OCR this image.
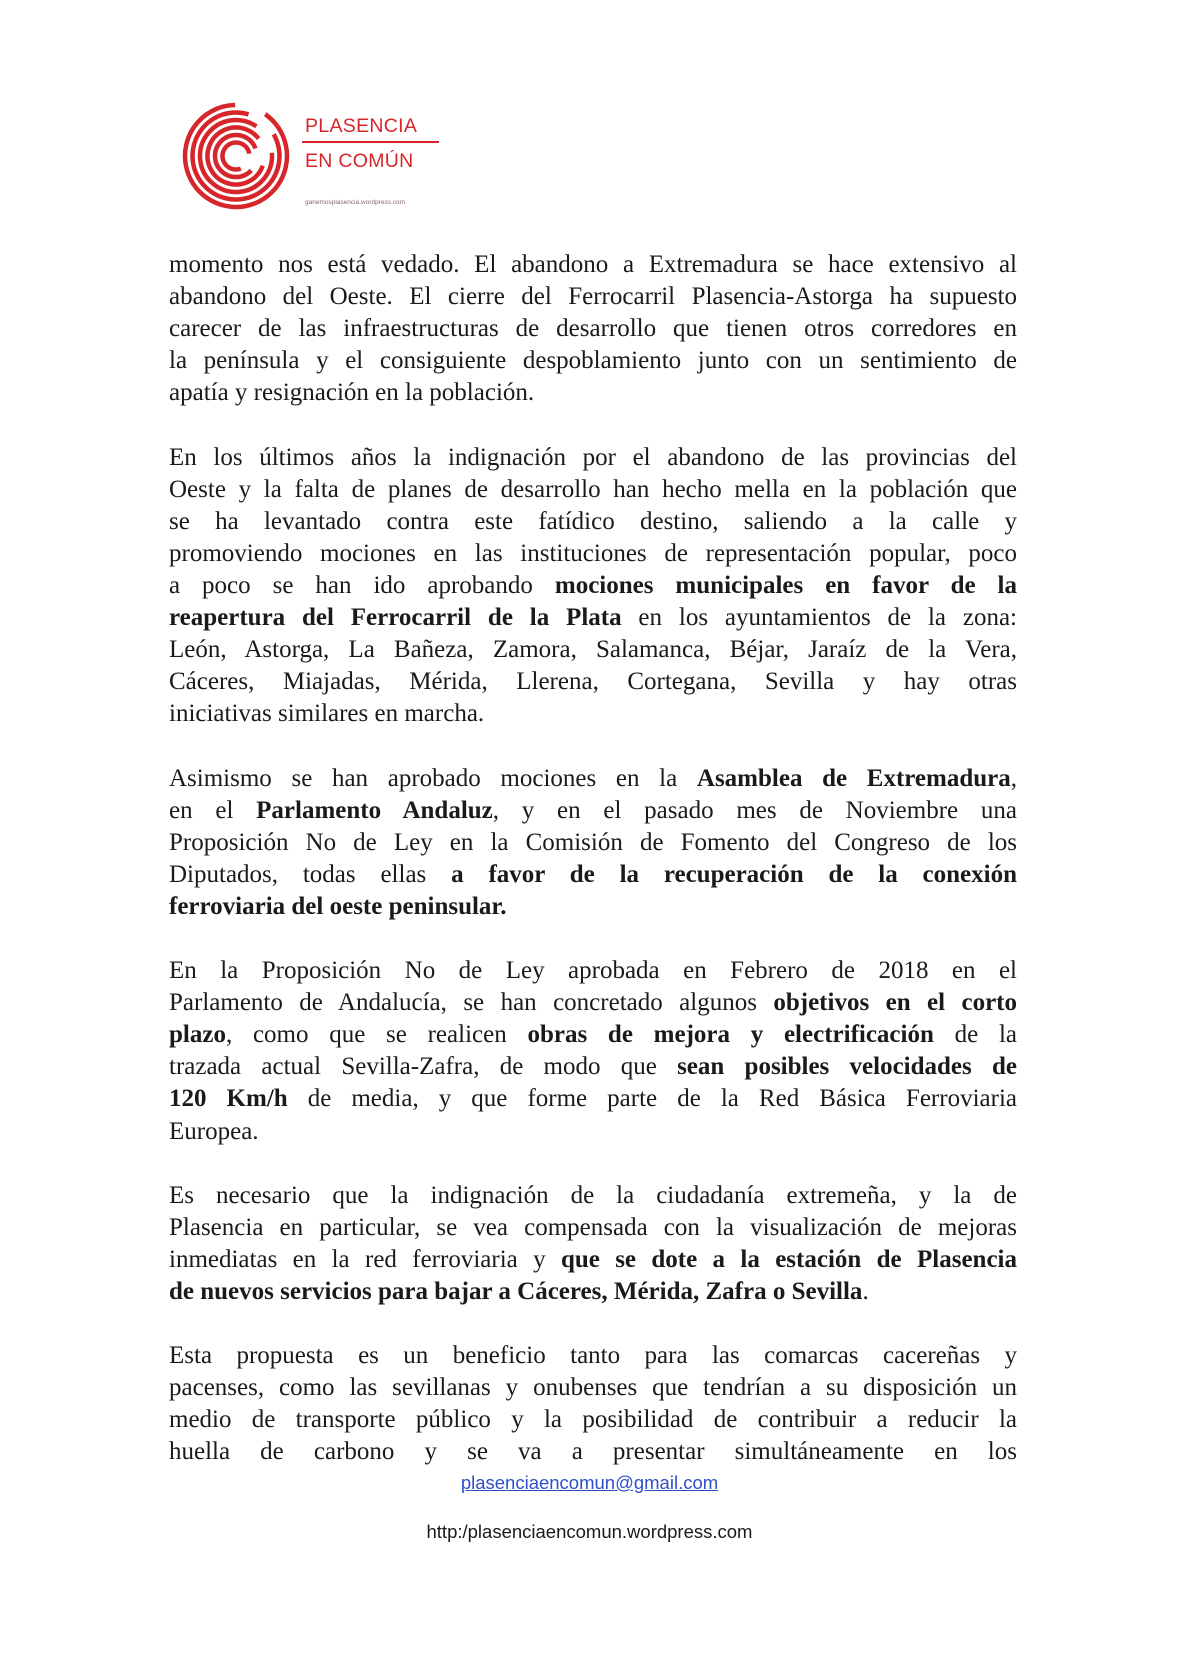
PLASENCIA
EN COMÚN
ganemosplasencia.wordpress.com
momento nos está vedado. El abandono a Extremadura se hace extensivo al
abandono del Oeste. El cierre del Ferrocarril Plasencia-Astorga ha supuesto
carecer de las infraestructuras de desarrollo que tienen otros corredores en
la península y el consiguiente despoblamiento junto con un sentimiento de
apatía y resignación en la población.
En los últimos años la indignación por el abandono de las provincias del
Oeste y la falta de planes de desarrollo han hecho mella en la población que
se ha levantado contra este fatídico destino, saliendo a la calle y
promoviendo mociones en las instituciones de representación popular, poco
a poco se han ido aprobando mociones municipales en favor de la
reapertura del Ferrocarril de la Plata en los ayuntamientos de la zona:
León, Astorga, La Bañeza, Zamora, Salamanca, Béjar, Jaraíz de la Vera,
Cáceres, Miajadas, Mérida, Llerena, Cortegana, Sevilla y hay otras
iniciativas similares en marcha.
Asimismo se han aprobado mociones en la Asamblea de Extremadura,
en el Parlamento Andaluz, y en el pasado mes de Noviembre una
Proposición No de Ley en la Comisión de Fomento del Congreso de los
Diputados, todas ellas a favor de la recuperación de la conexión
ferroviaria del oeste peninsular.
En la Proposición No de Ley aprobada en Febrero de 2018 en el
Parlamento de Andalucía, se han concretado algunos objetivos en el corto
plazo, como que se realicen obras de mejora y electrificación de la
trazada actual Sevilla-Zafra, de modo que sean posibles velocidades de
120 Km/h de media, y que forme parte de la Red Básica Ferroviaria
Europea.
Es necesario que la indignación de la ciudadanía extremeña, y la de
Plasencia en particular, se vea compensada con la visualización de mejoras
inmediatas en la red ferroviaria y que se dote a la estación de Plasencia
de nuevos servicios para bajar a Cáceres, Mérida, Zafra o Sevilla.
Esta propuesta es un beneficio tanto para las comarcas cacereñas y
pacenses, como las sevillanas y onubenses que tendrían a su disposición un
medio de transporte público y la posibilidad de contribuir a reducir la
huella de carbono y se va a presentar simultáneamente en los
plasenciaencomun@gmail.com
http:/plasenciaencomun.wordpress.com
